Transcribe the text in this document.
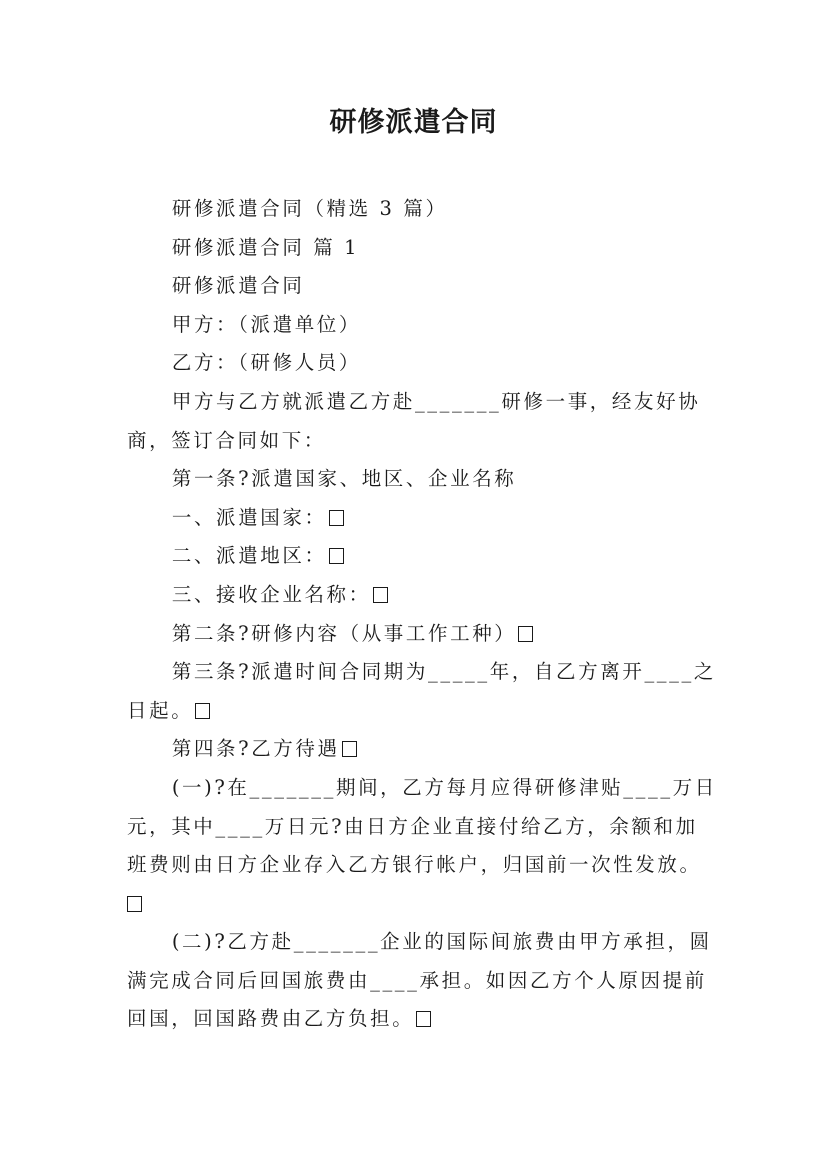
研修派遣合同

研修派遣合同（精选 3 篇）

研修派遣合同 篇 1

研修派遣合同

甲方：（派遣单位）

乙方：（研修人员）

甲方与乙方就派遣乙方赴_______研修一事，经友好协商，签订合同如下：

第一条?派遣国家、地区、企业名称

一、派遣国家：

二、派遣地区：

三、接收企业名称：

第二条?研修内容（从事工作工种）

第三条?派遣时间合同期为_____年，自乙方离开____之日起。

第四条?乙方待遇

(一)?在_______期间，乙方每月应得研修津贴____万日元，其中____万日元?由日方企业直接付给乙方，余额和加班费则由日方企业存入乙方银行帐户，归国前一次性发放。

(二)?乙方赴_______企业的国际间旅费由甲方承担，圆满完成合同后回国旅费由____承担。如因乙方个人原因提前回国，回国路费由乙方负担。
